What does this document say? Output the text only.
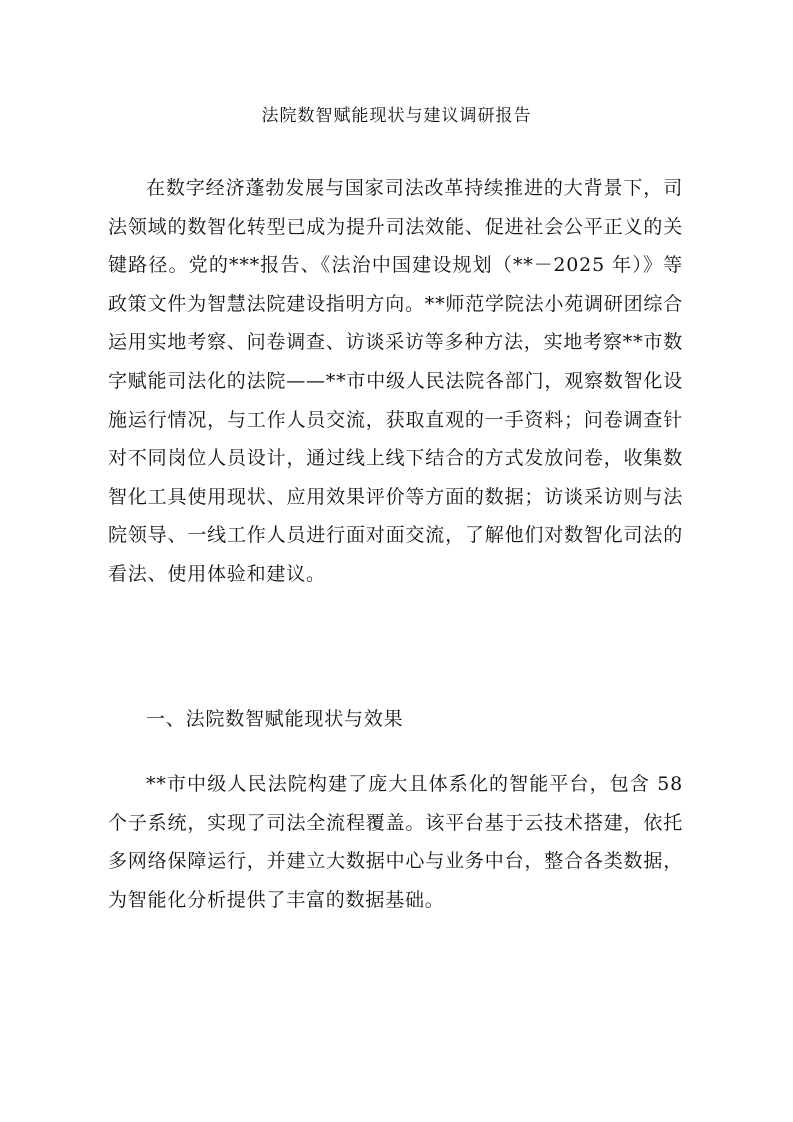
法院数智赋能现状与建议调研报告

在数字经济蓬勃发展与国家司法改革持续推进的大背景下，司法领域的数智化转型已成为提升司法效能、促进社会公平正义的关键路径。党的***报告、《法治中国建设规划（**－2025 年）》等政策文件为智慧法院建设指明方向。**师范学院法小苑调研团综合运用实地考察、问卷调查、访谈采访等多种方法，实地考察**市数字赋能司法化的法院——**市中级人民法院各部门，观察数智化设施运行情况，与工作人员交流，获取直观的一手资料；问卷调查针对不同岗位人员设计，通过线上线下结合的方式发放问卷，收集数智化工具使用现状、应用效果评价等方面的数据；访谈采访则与法院领导、一线工作人员进行面对面交流，了解他们对数智化司法的看法、使用体验和建议。

一、法院数智赋能现状与效果

**市中级人民法院构建了庞大且体系化的智能平台，包含 58 个子系统，实现了司法全流程覆盖。该平台基于云技术搭建，依托多网络保障运行，并建立大数据中心与业务中台，整合各类数据，为智能化分析提供了丰富的数据基础。
